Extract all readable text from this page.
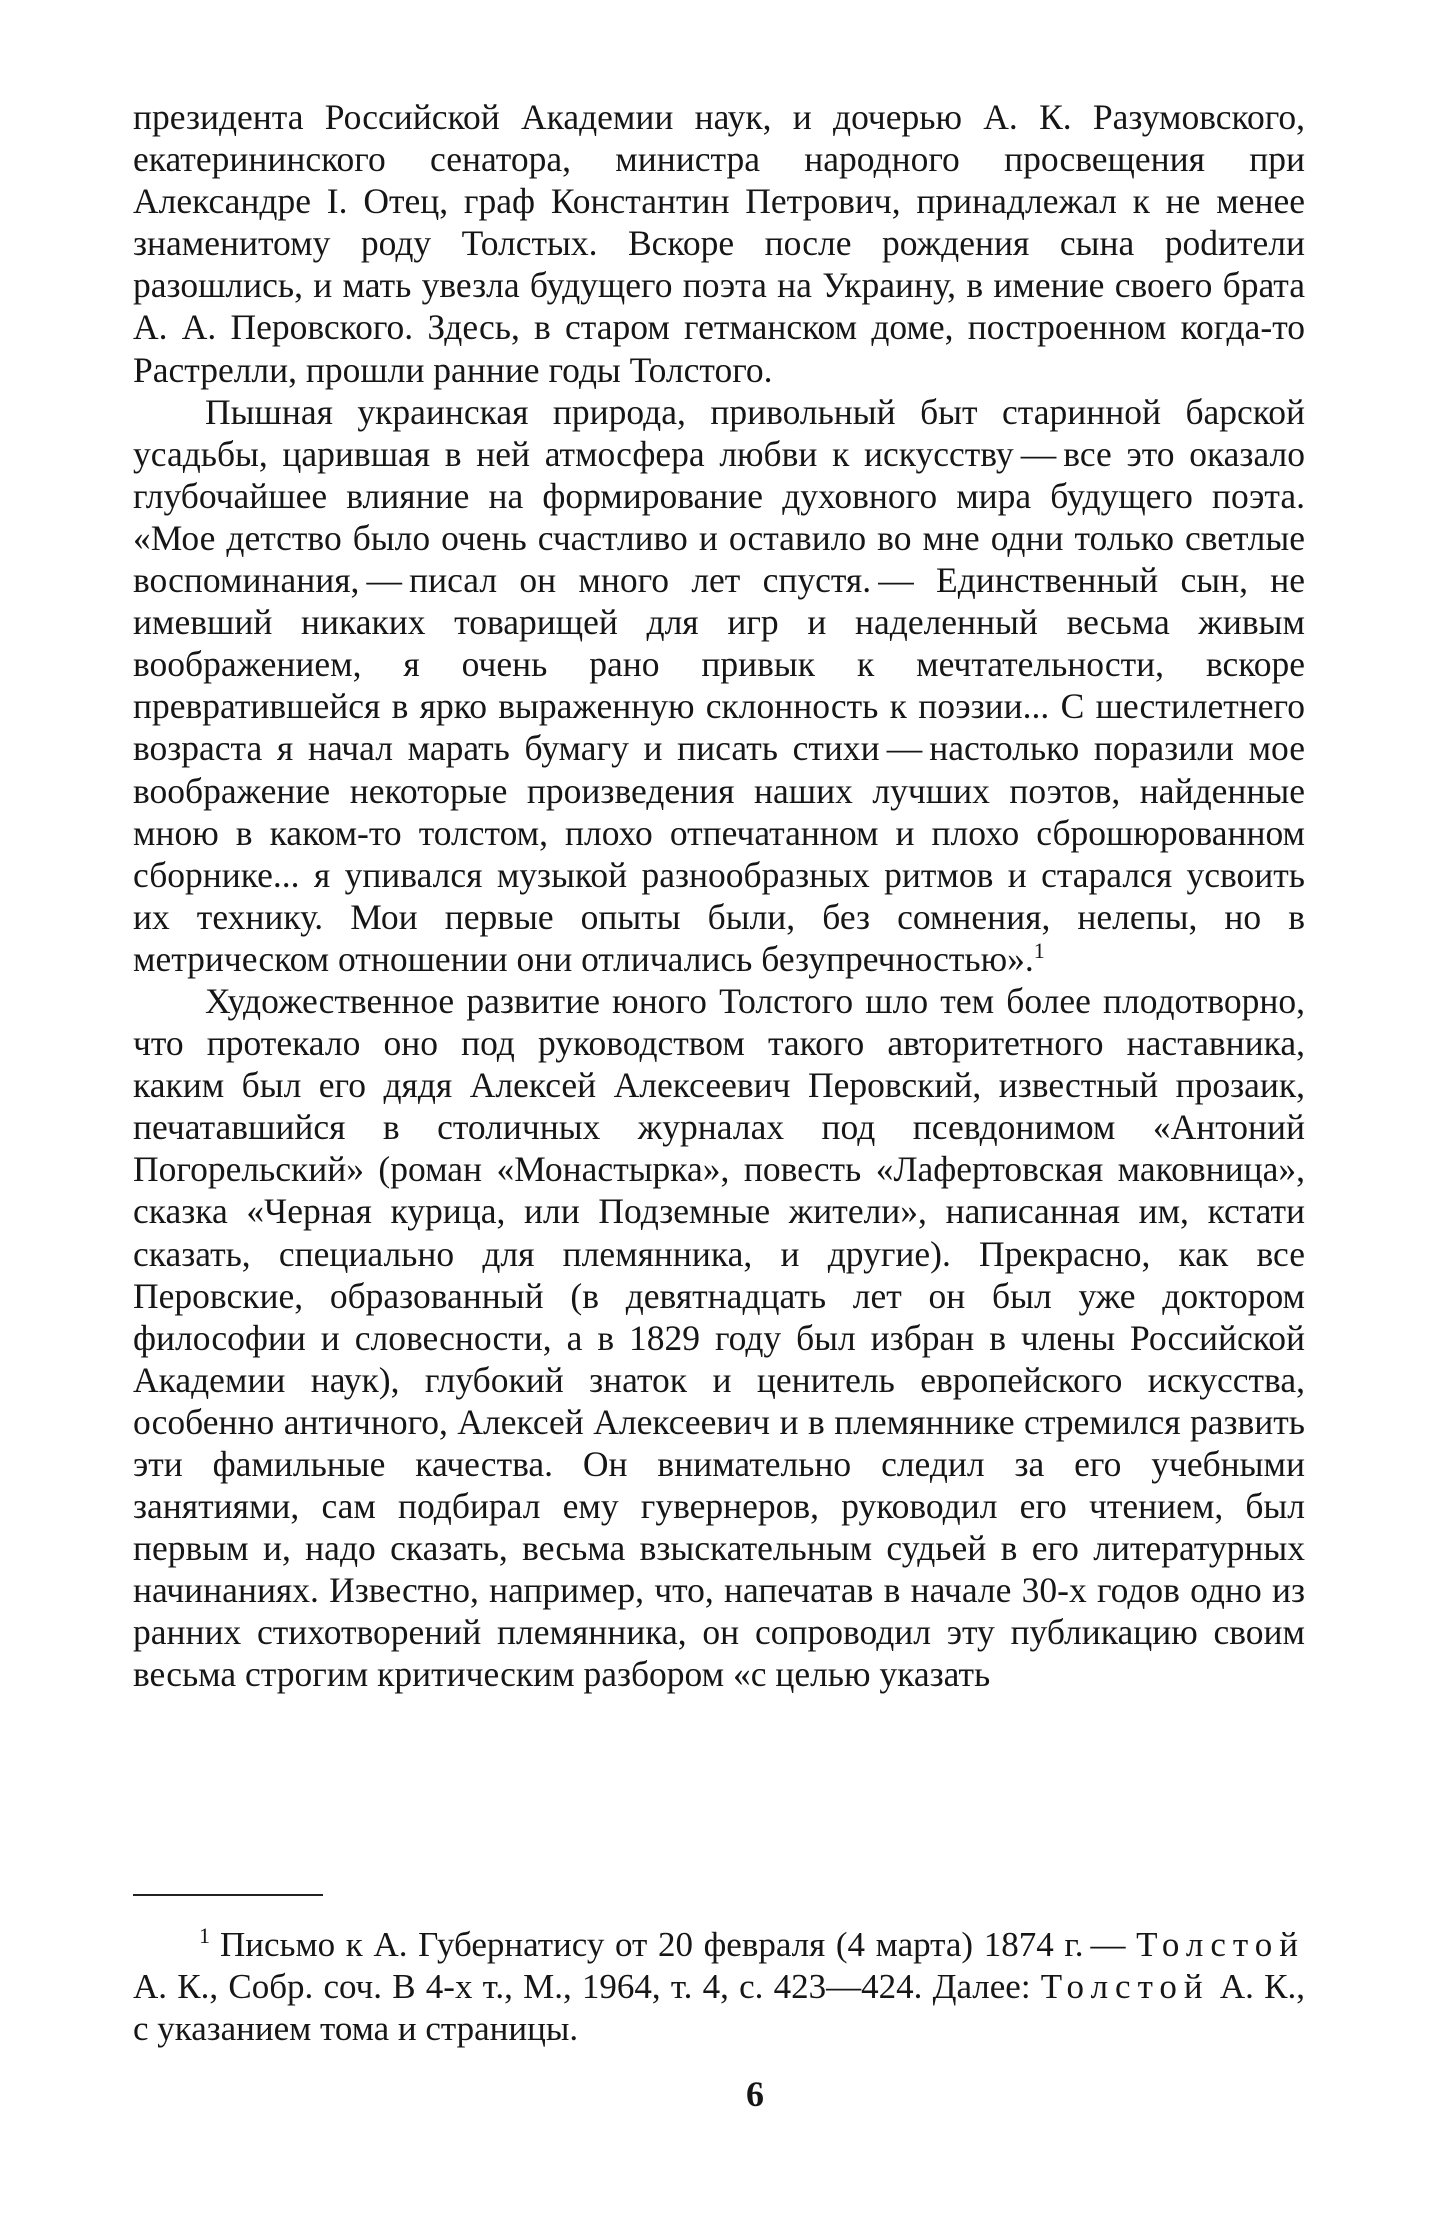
президента Российской Академии наук, и дочерью А. К. Разумовского, екатерининского сенатора, министра народного просвещения при Александре I. Отец, граф Константин Петрович, принадлежал к не менее знаменитому роду Толстых. Вскоре после рождения сына роdители разошлись, и мать увезла будущего поэта на Украину, в имение своего брата А. А. Перовского. Здесь, в старом гетманском доме, построенном когда-то Растрелли, прошли ранние годы Толстого.

Пышная украинская природа, привольный быт старинной барской усадьбы, царившая в ней атмосфера любви к искусству — все это оказало глубочайшее влияние на формирование духовного мира будущего поэта. «Мое детство было очень счастливо и оставило во мне одни только светлые воспоминания, — писал он много лет спустя. — Единственный сын, не имевший никаких товарищей для игр и наделенный весьма живым воображением, я очень рано привык к мечтательности, вскоре превратившейся в ярко выраженную склонность к поэзии... С шестилетнего возраста я начал марать бумагу и писать стихи — настолько поразили мое воображение некоторые произведения наших лучших поэтов, найденные мною в каком-то толстом, плохо отпечатанном и плохо сброшюрованном сборнике... я упивался музыкой разнообразных ритмов и старался усвоить их технику. Мои первые опыты были, без сомнения, нелепы, но в метрическом отношении они отличались безупречностью».$^1$

Художественное развитие юного Толстого шло тем более плодотворно, что протекало оно под руководством такого авторитетного наставника, каким был его дядя Алексей Алексеевич Перовский, известный прозаик, печатавшийся в столичных журналах под псевдонимом «Антоний Погорельский» (роман «Монастырка», повесть «Лафертовская маковница», сказка «Черная курица, или Подземные жители», написанная им, кстати сказать, специально для племянника, и другие). Прекрасно, как все Перовские, образованный (в девятнадцать лет он был уже доктором философии и словесности, а в 1829 году был избран в члены Российской Академии наук), глубокий знаток и ценитель европейского искусства, особенно античного, Алексей Алексеевич и в племяннике стремился развить эти фамильные качества. Он внимательно следил за его учебными занятиями, сам подбирал ему гувернеров, руководил его чтением, был первым и, надо сказать, весьма взыскательным судьей в его литературных начинаниях. Известно, например, что, напечатав в начале 30-х годов одно из ранних стихотворений племянника, он сопроводил эту публикацию своим весьма строгим критическим разбором «с целью указать

$^1$ Письмо к А. Губернатису от 20 февраля (4 марта) 1874 г. — Толстой А. К., Собр. соч. В 4-х т., М., 1964, т. 4, с. 423—424. Далее: Толстой А. К., с указанием тома и страницы.

6
